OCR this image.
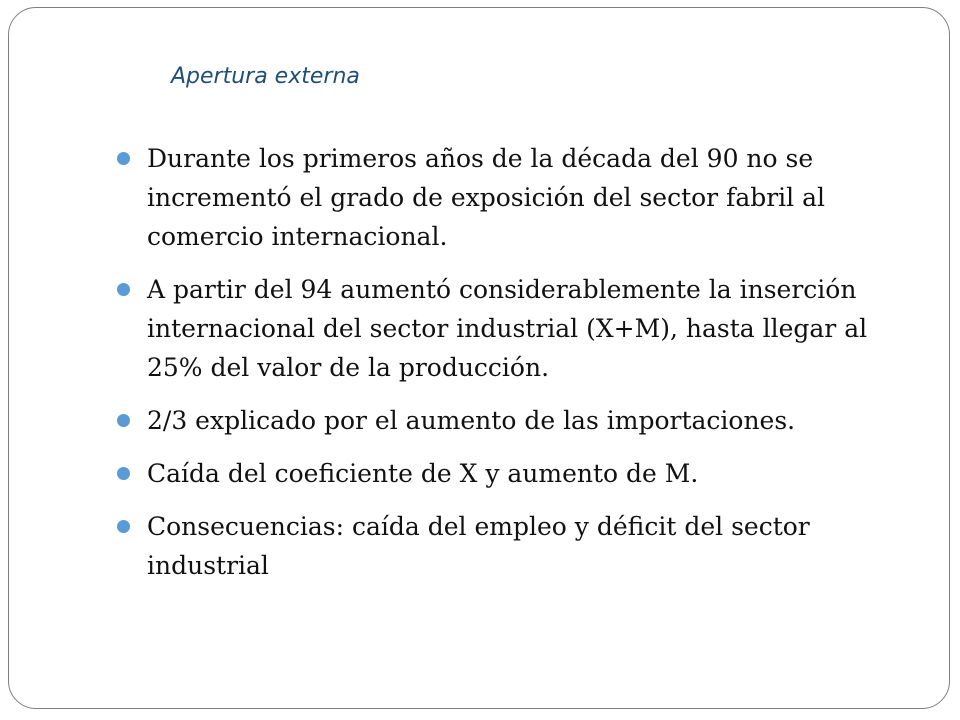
Apertura externa
Durante los primeros años de la década del 90 no se incrementó el grado de exposición del sector fabril al comercio internacional.
A partir del 94 aumentó considerablemente la inserción internacional del sector industrial (X+M), hasta llegar al 25% del valor de la producción.
2/3 explicado por el aumento de las importaciones.
Caída del coeficiente de X y aumento de M.
Consecuencias: caída del empleo y déficit del sector industrial
